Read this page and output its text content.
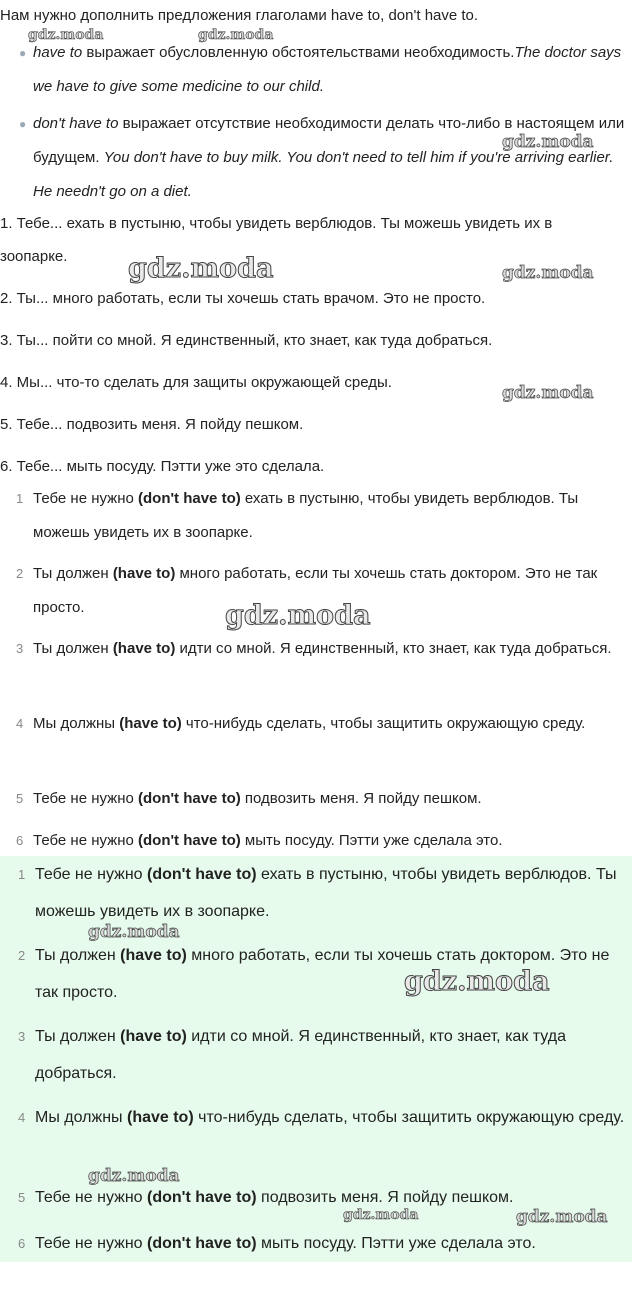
Нам нужно дополнить предложения глаголами have to, don't have to.
● have to выражает обусловленную обстоятельствами необходимость.The doctor says we have to give some medicine to our child.
● don't have to выражает отсутствие необходимости делать что-либо в настоящем или будущем. You don't have to buy milk. You don't need to tell him if you're arriving earlier. He needn't go on a diet.
1. Тебе... ехать в пустыню, чтобы увидеть верблюдов. Ты можешь увидеть их в зоопарке.
2. Ты... много работать, если ты хочешь стать врачом. Это не просто.
3. Ты... пойти со мной. Я единственный, кто знает, как туда добраться.
4. Мы... что-то сделать для защиты окружающей среды.
5. Тебе... подвозить меня. Я пойду пешком.
6. Тебе... мыть посуду. Пэтти уже это сделала.
1 Тебе не нужно (don't have to) ехать в пустыню, чтобы увидеть верблюдов. Ты можешь увидеть их в зоопарке.
2 Ты должен (have to) много работать, если ты хочешь стать доктором. Это не так просто.
3 Ты должен (have to) идти со мной. Я единственный, кто знает, как туда добраться.
4 Мы должны (have to) что-нибудь сделать, чтобы защитить окружающую среду.
5 Тебе не нужно (don't have to) подвозить меня. Я пойду пешком.
6 Тебе не нужно (don't have to) мыть посуду. Пэтти уже сделала это.
1 Тебе не нужно (don't have to) ехать в пустыню, чтобы увидеть верблюдов. Ты можешь увидеть их в зоопарке.
2 Ты должен (have to) много работать, если ты хочешь стать доктором. Это не так просто.
3 Ты должен (have to) идти со мной. Я единственный, кто знает, как туда добраться.
4 Мы должны (have to) что-нибудь сделать, чтобы защитить окружающую среду.
5 Тебе не нужно (don't have to) подвозить меня. Я пойду пешком.
6 Тебе не нужно (don't have to) мыть посуду. Пэтти уже сделала это.
gdz.moda	gdz.moda
gdz.moda
gdz.moda	gdz.moda
gdz.moda
gdz.moda
gdz.moda
gdz.moda
gdz.moda
gdz.moda	gdz.moda
